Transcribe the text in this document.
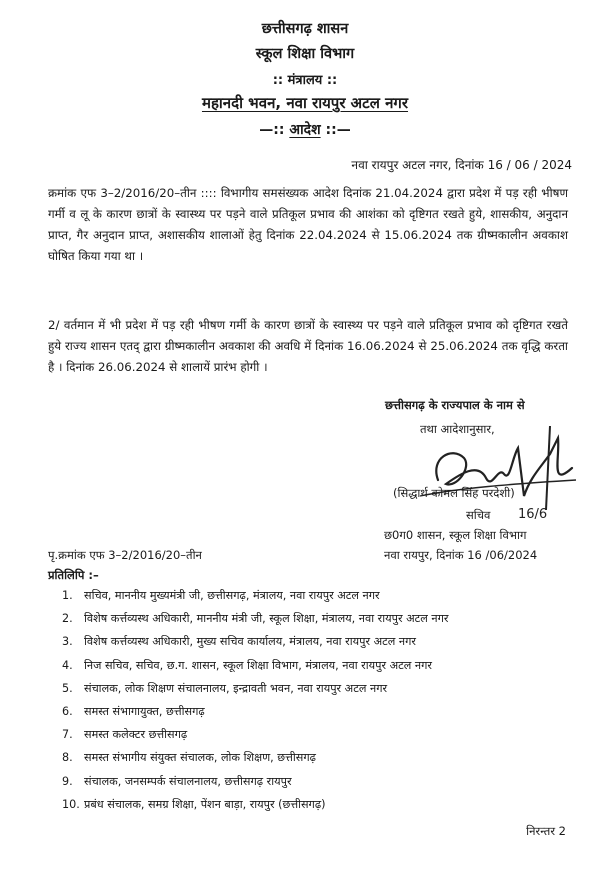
छत्तीसगढ़ शासन
स्कूल शिक्षा विभाग
:: मंत्रालय ::
महानदी भवन, नवा रायपुर अटल नगर
—:: आदेश ::—
नवा रायपुर अटल नगर, दिनांक 16 / 06 / 2024
क्रमांक एफ 3–2/2016/20–तीन :::: विभागीय समसंख्यक आदेश दिनांक 21.04.2024 द्वारा प्रदेश में पड़ रही भीषण गर्मी व लू के कारण छात्रों के स्वास्थ्य पर पड़ने वाले प्रतिकूल प्रभाव की आशंका को दृष्टिगत रखते हुये, शासकीय, अनुदान प्राप्त, गैर अनुदान प्राप्त, अशासकीय शालाओं हेतु दिनांक 22.04.2024 से 15.06.2024 तक ग्रीष्मकालीन अवकाश घोषित किया गया था ।
2/ वर्तमान में भी प्रदेश में पड़ रही भीषण गर्मी के कारण छात्रों के स्वास्थ्य पर पड़ने वाले प्रतिकूल प्रभाव को दृष्टिगत रखते हुये राज्य शासन एतद् द्वारा ग्रीष्मकालीन अवकाश की अवधि में दिनांक 16.06.2024 से 25.06.2024 तक वृद्धि करता है । दिनांक 26.06.2024 से शालायें प्रारंभ होगी ।
छत्तीसगढ़ के राज्यपाल के नाम से
तथा आदेशानुसार,
16/6
(सिद्धार्थ कोमल सिंह परदेशी)
सचिव
छ0ग0 शासन, स्कूल शिक्षा विभाग
नवा रायपुर, दिनांक 16 /06/2024
पृ.क्रमांक एफ 3–2/2016/20–तीन
प्रतिलिपि :–
1. सचिव, माननीय मुख्यमंत्री जी, छत्तीसगढ़, मंत्रालय, नवा रायपुर अटल नगर
2. विशेष कर्त्तव्यस्थ अधिकारी, माननीय मंत्री जी, स्कूल शिक्षा, मंत्रालय, नवा रायपुर अटल नगर
3. विशेष कर्त्तव्यस्थ अधिकारी, मुख्य सचिव कार्यालय, मंत्रालय, नवा रायपुर अटल नगर
4. निज सचिव, सचिव, छ.ग. शासन, स्कूल शिक्षा विभाग, मंत्रालय, नवा रायपुर अटल नगर
5. संचालक, लोक शिक्षण संचालनालय, इन्द्रावती भवन, नवा रायपुर अटल नगर
6. समस्त संभागायुक्त, छत्तीसगढ़
7. समस्त कलेक्टर छत्तीसगढ़
8. समस्त संभागीय संयुक्त संचालक, लोक शिक्षण, छत्तीसगढ़
9. संचालक, जनसम्पर्क संचालनालय, छत्तीसगढ़ रायपुर
10. प्रबंध संचालक, समग्र शिक्षा, पेंशन बाड़ा, रायपुर (छत्तीसगढ़)
निरन्तर 2
